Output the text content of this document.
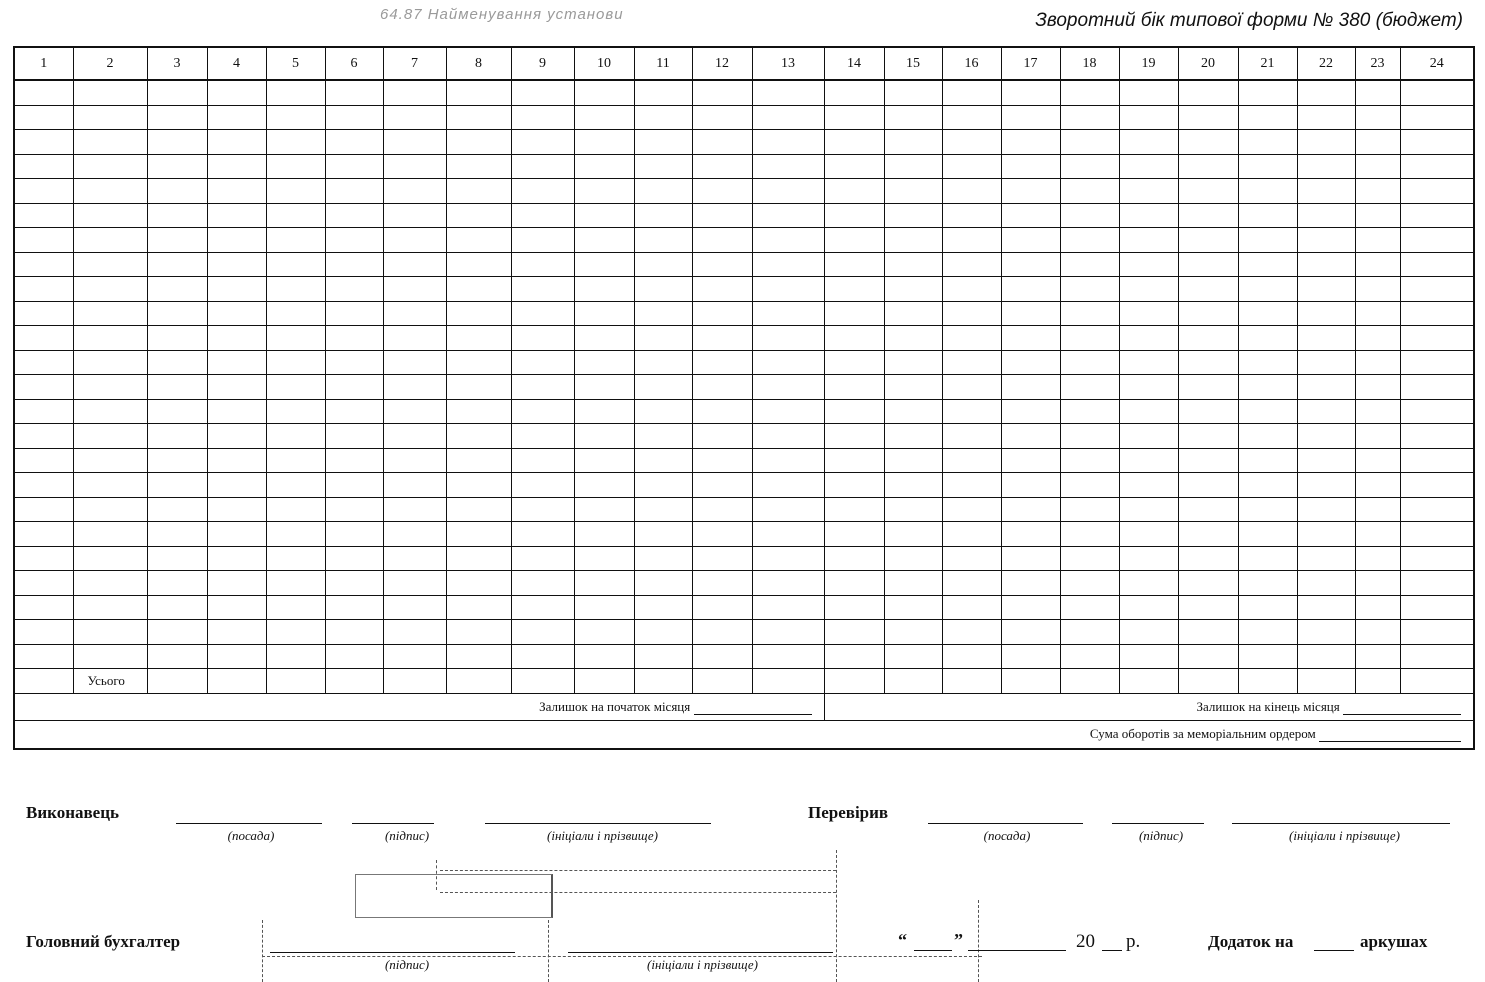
64.87 Найменування установи	Зворотний бік типової форми № 380 (бюджет)
1	2	3	4	5	6	7	8	9	10	11	12	13	14	15	16	17	18	19	20	21	22	23	24

	Усього																						
Залишок на початок місяця													Залишок на кінець місяця										
Сума оборотів за меморіальним ордером																							
Виконавець
(посада)	(підпис)	(ініціали і прізвище)
Перевірив
(посада)	(підпис)	(ініціали і прізвище)
Головний бухгалтер
(підпис)	(ініціали і прізвище)
“	”	20 р.	Додаток на	аркушах
